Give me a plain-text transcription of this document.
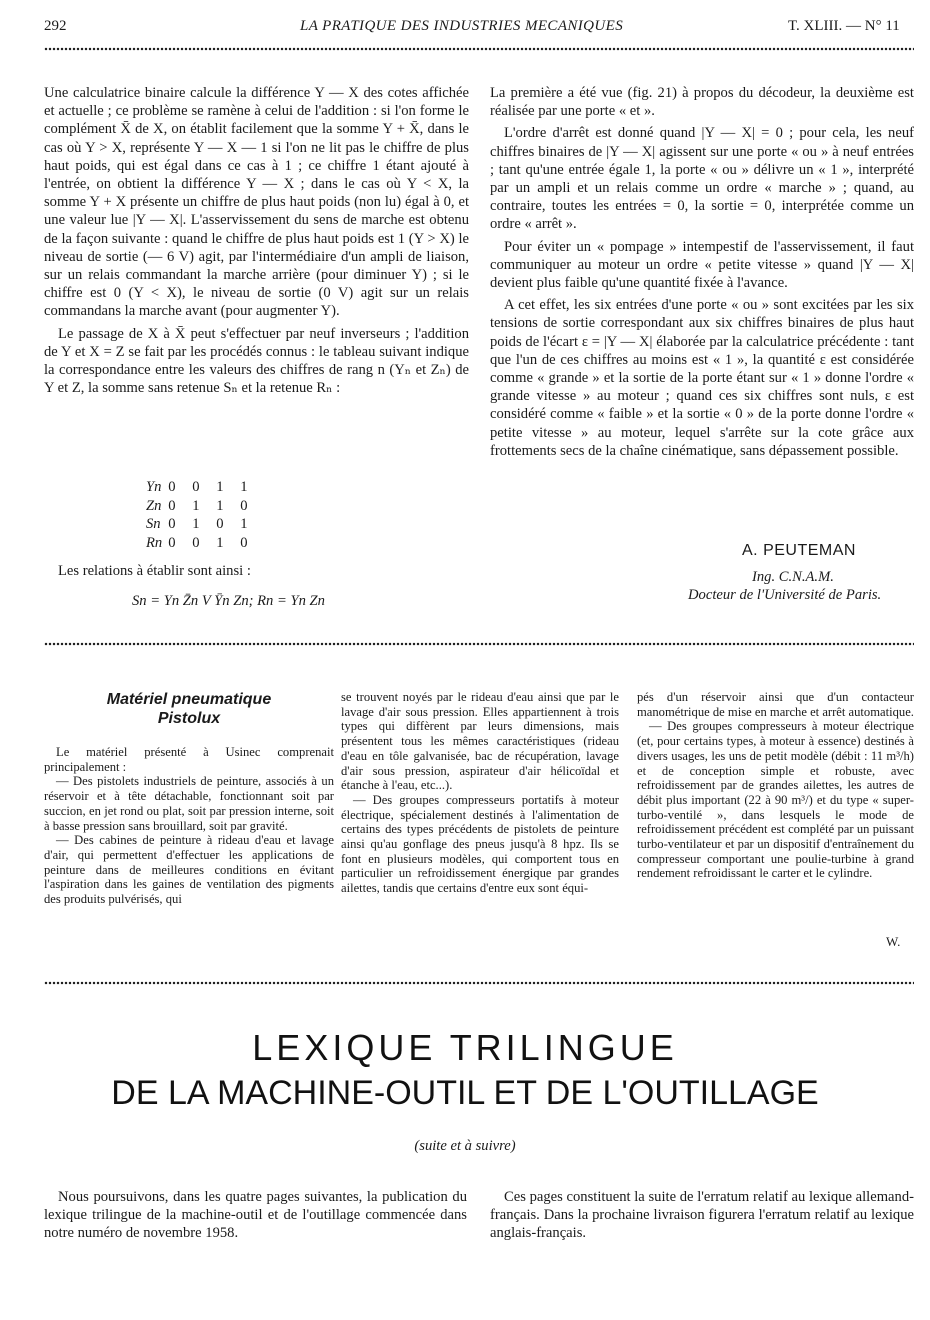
292	LA PRATIQUE DES INDUSTRIES MECANIQUES	T. XLIII. — N° 11

Une calculatrice binaire calcule la différence Y — X des cotes affichée et actuelle ; ce problème se ramène à celui de l'addition : si l'on forme le complément X̄ de X, on établit facilement que la somme Y + X̄, dans le cas où Y > X, représente Y — X — 1 si l'on ne lit pas le chiffre de plus haut poids, qui est égal dans ce cas à 1 ; ce chiffre 1 étant ajouté à l'entrée, on obtient la différence Y — X ; dans le cas où Y < X, la somme Y + X présente un chiffre de plus haut poids (non lu) égal à 0, et une valeur lue |Y — X|. L'asservissement du sens de marche est obtenu de la façon suivante : quand le chiffre de plus haut poids est 1 (Y > X) le niveau de sortie (— 6 V) agit, par l'intermédiaire d'un ampli de liaison, sur un relais commandant la marche arrière (pour diminuer Y) ; si le chiffre est 0 (Y < X), le niveau de sortie (0 V) agit sur un relais commandans la marche avant (pour augmenter Y).

Le passage de X à X̄ peut s'effectuer par neuf inverseurs ; l'addition de Y et X = Z se fait par les procédés connus : le tableau suivant indique la correspondance entre les valeurs des chiffres de rang n (Yₙ et Zₙ) de Y et Z, la somme sans retenue Sₙ et la retenue Rₙ :

Yn	0	0	1	1
Zn	0	1	1	0
Sn	0	1	0	1
Rn	0	0	1	0
Les relations à établir sont ainsi :
Sn = Yn Z̄n V Ȳn Zn; Rn = Yn Zn

La première a été vue (fig. 21) à propos du décodeur, la deuxième est réalisée par une porte « et ».

L'ordre d'arrêt est donné quand |Y — X| = 0 ; pour cela, les neuf chiffres binaires de |Y — X| agissent sur une porte « ou » à neuf entrées ; tant qu'une entrée égale 1, la porte « ou » délivre un « 1 », interprété par un ampli et un relais comme un ordre « marche » ; quand, au contraire, toutes les entrées = 0, la sortie = 0, interprétée comme un ordre « arrêt ».

Pour éviter un « pompage » intempestif de l'asservissement, il faut communiquer au moteur un ordre « petite vitesse » quand |Y — X| devient plus faible qu'une quantité fixée à l'avance.

A cet effet, les six entrées d'une porte « ou » sont excitées par les six tensions de sortie correspondant aux six chiffres binaires de plus haut poids de l'écart ε = |Y — X| élaborée par la calculatrice précédente : tant que l'un de ces chiffres au moins est « 1 », la quantité ε est considérée comme « grande » et la sortie de la porte étant sur « 1 » donne l'ordre « grande vitesse » au moteur ; quand ces six chiffres sont nuls, ε est considéré comme « faible » et la sortie « 0 » de la porte donne l'ordre « petite vitesse » au moteur, lequel s'arrête sur la cote grâce aux frottements secs de la chaîne cinématique, sans dépassement possible.

A. PEUTEMAN
Ing. C.N.A.M.
Docteur de l'Université de Paris.
Matériel pneumatique
Pistolux

Le matériel présenté à Usinec comprenait principalement :

— Des pistolets industriels de peinture, associés à un réservoir et à tête détachable, fonctionnant soit par succion, en jet rond ou plat, soit par pression interne, soit à basse pression sans brouillard, soit par gravité.

— Des cabines de peinture à rideau d'eau et lavage d'air, qui permettent d'effectuer les applications de peinture dans de meilleures conditions en évitant l'aspiration dans les gaines de ventilation des pigments des produits pulvérisés, qui

se trouvent noyés par le rideau d'eau ainsi que par le lavage d'air sous pression. Elles appartiennent à trois types qui diffèrent par leurs dimensions, mais présentent tous les mêmes caractéristiques (rideau d'eau en tôle galvanisée, bac de récupération, lavage d'air sous pression, aspirateur d'air hélicoïdal et étanche à l'eau, etc...).

— Des groupes compresseurs portatifs à moteur électrique, spécialement destinés à l'alimentation de certains des types précédents de pistolets de peinture ainsi qu'au gonflage des pneus jusqu'à 8 hpz. Ils se font en plusieurs modèles, qui comportent tous en particulier un refroidissement énergique par grandes ailettes, tandis que certains d'entre eux sont équi-

pés d'un réservoir ainsi que d'un contacteur manométrique de mise en marche et arrêt automatique.

— Des groupes compresseurs à moteur électrique (et, pour certains types, à moteur à essence) destinés à divers usages, les uns de petit modèle (débit : 11 m³/h) et de conception simple et robuste, avec refroidissement par de grandes ailettes, les autres de débit plus important (22 à 90 m³/) et du type « super-turbo-ventilé », dans lesquels le mode de refroidissement précédent est complété par un puissant turbo-ventilateur et par un dispositif d'entraînement du compresseur comportant une poulie-turbine à grand rendement refroidissant le carter et le cylindre.

W.
LEXIQUE TRILINGUE
DE LA MACHINE-OUTIL ET DE L'OUTILLAGE
(suite et à suivre)

Nous poursuivons, dans les quatre pages suivantes, la publication du lexique trilingue de la machine-outil et de l'outillage commencée dans notre numéro de novembre 1958.

Ces pages constituent la suite de l'erratum relatif au lexique allemand-français. Dans la prochaine livraison figurera l'erratum relatif au lexique anglais-français.
